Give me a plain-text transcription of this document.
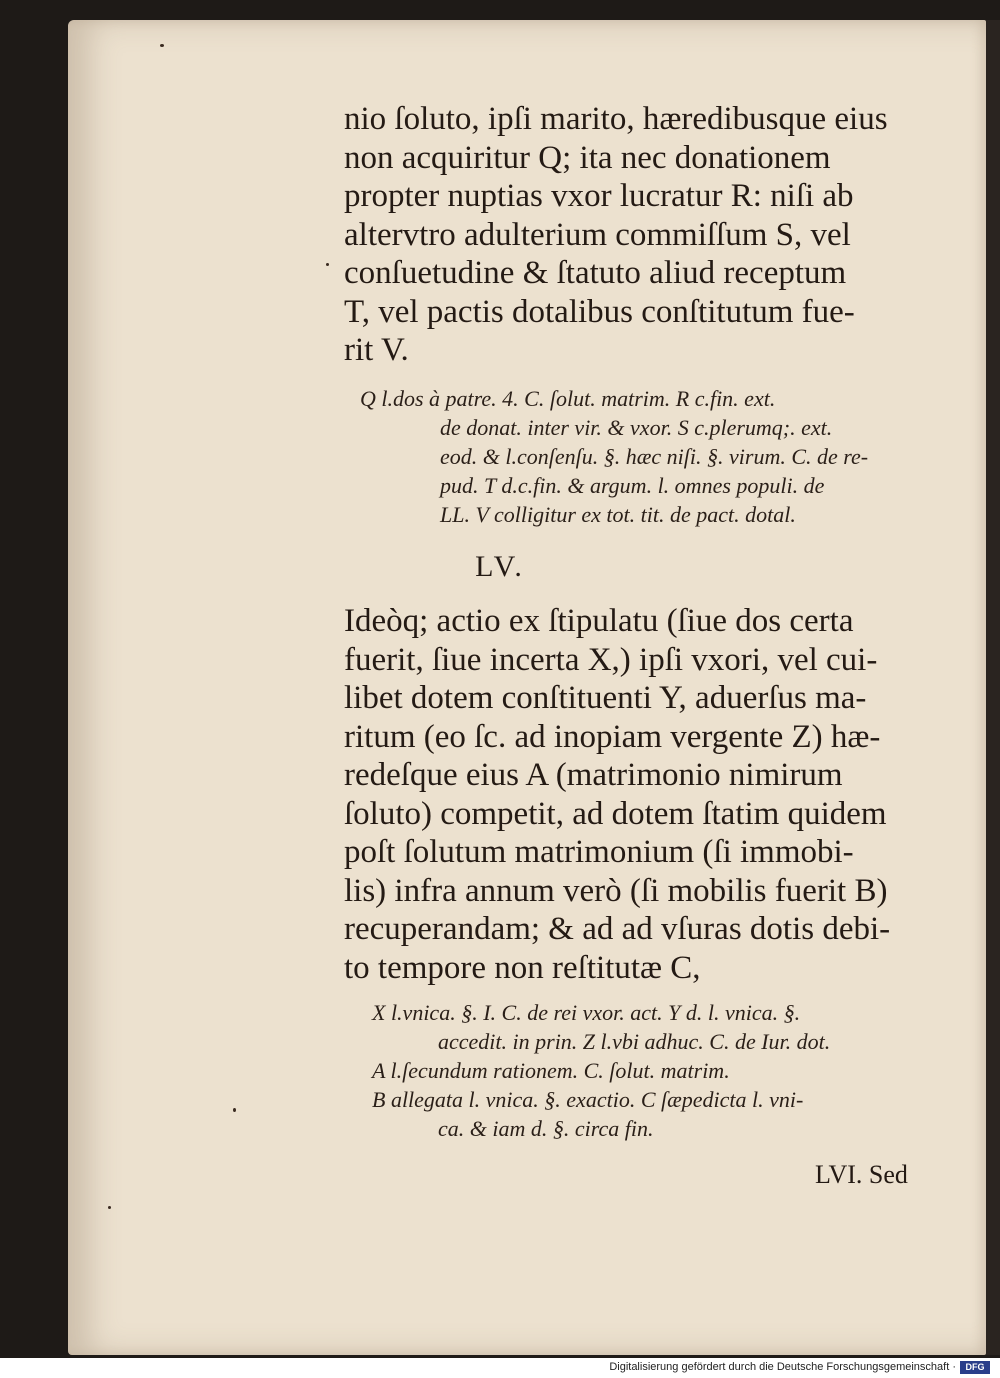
nio ſoluto, ipſi marito, hæredibusque eius
non acquiritur Q; ita nec donationem
propter nuptias vxor lucratur R: niſi ab
altervtro adulterium commiſſum S, vel
conſuetudine & ſtatuto aliud receptum
T, vel pactis dotalibus conſtitutum fue-
rit V.
Q l.dos à patre. 4. C. ſolut. matrim. R c.fin. ext.
de donat. inter vir. & vxor. S c.plerumq;. ext.
eod. & l.conſenſu. §. hæc niſi. §. virum. C. de re-
pud. T d.c.fin. & argum. l. omnes populi. de
LL. V colligitur ex tot. tit. de pact. dotal.
LV.
Ideòq; actio ex ſtipulatu (ſiue dos certa
fuerit, ſiue incerta X,) ipſi vxori, vel cui-
libet dotem conſtituenti Y, aduerſus ma-
ritum (eo ſc. ad inopiam vergente Z) hæ-
redeſque eius A (matrimonio nimirum
ſoluto) competit, ad dotem ſtatim quidem
poſt ſolutum matrimonium (ſi immobi-
lis) infra annum verò (ſi mobilis fuerit B)
recuperandam; & ad ad vſuras dotis debi-
to tempore non reſtitutæ C,
X l.vnica. §. I. C. de rei vxor. act. Y d. l. vnica. §.
accedit. in prin. Z l.vbi adhuc. C. de Iur. dot.
A l.ſecundum rationem. C. ſolut. matrim.
B allegata l. vnica. §. exactio. C ſæpedicta l. vni-
ca. & iam d. §. circa fin.
LVI. Sed
Digitalisierung gefördert durch die Deutsche Forschungsgemeinschaft ·	DFG
